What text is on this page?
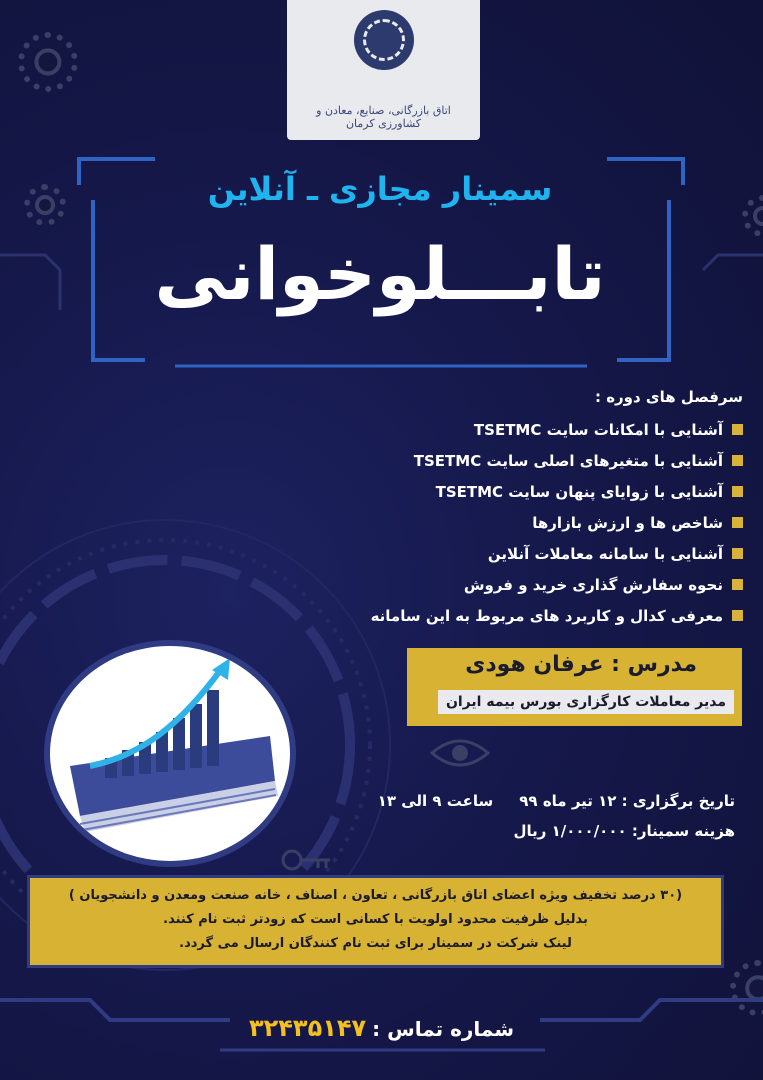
اتاق بازرگانی، صنایع، معادن و کشاورزی کرمان
سمینار مجازی ـ آنلاین
تابـــلوخوانی
سرفصل های دوره :
آشنایی با امکانات سایت TSETMC
آشنایی با متغیرهای اصلی سایت TSETMC
آشنایی با زوایای پنهان سایت TSETMC
شاخص ها و ارزش بازارها
آشنایی با سامانه معاملات آنلاین
نحوه سفارش گذاری خرید و فروش
معرفی کدال و کاربرد های مربوط به این سامانه
مدرس : عرفان هودی
مدیر معاملات کارگزاری بورس بیمه ایران
تاریخ برگزاری : ۱۲ تیر ماه ۹۹ساعت ۹ الی ۱۳
هزینه سمینار: ۱/۰۰۰/۰۰۰ ریال
(۳۰ درصد تخفیف ویژه اعضای اتاق بازرگانی ، تعاون ، اصناف ، خانه صنعت ومعدن و دانشجویان )
بدلیل ظرفیت محدود اولویت با کسانی است که زودتر ثبت نام کنند.
لینک شرکت در سمینار برای ثبت نام کنندگان ارسال می گردد.
شماره تماس :۳۲۴۳۵۱۴۷
